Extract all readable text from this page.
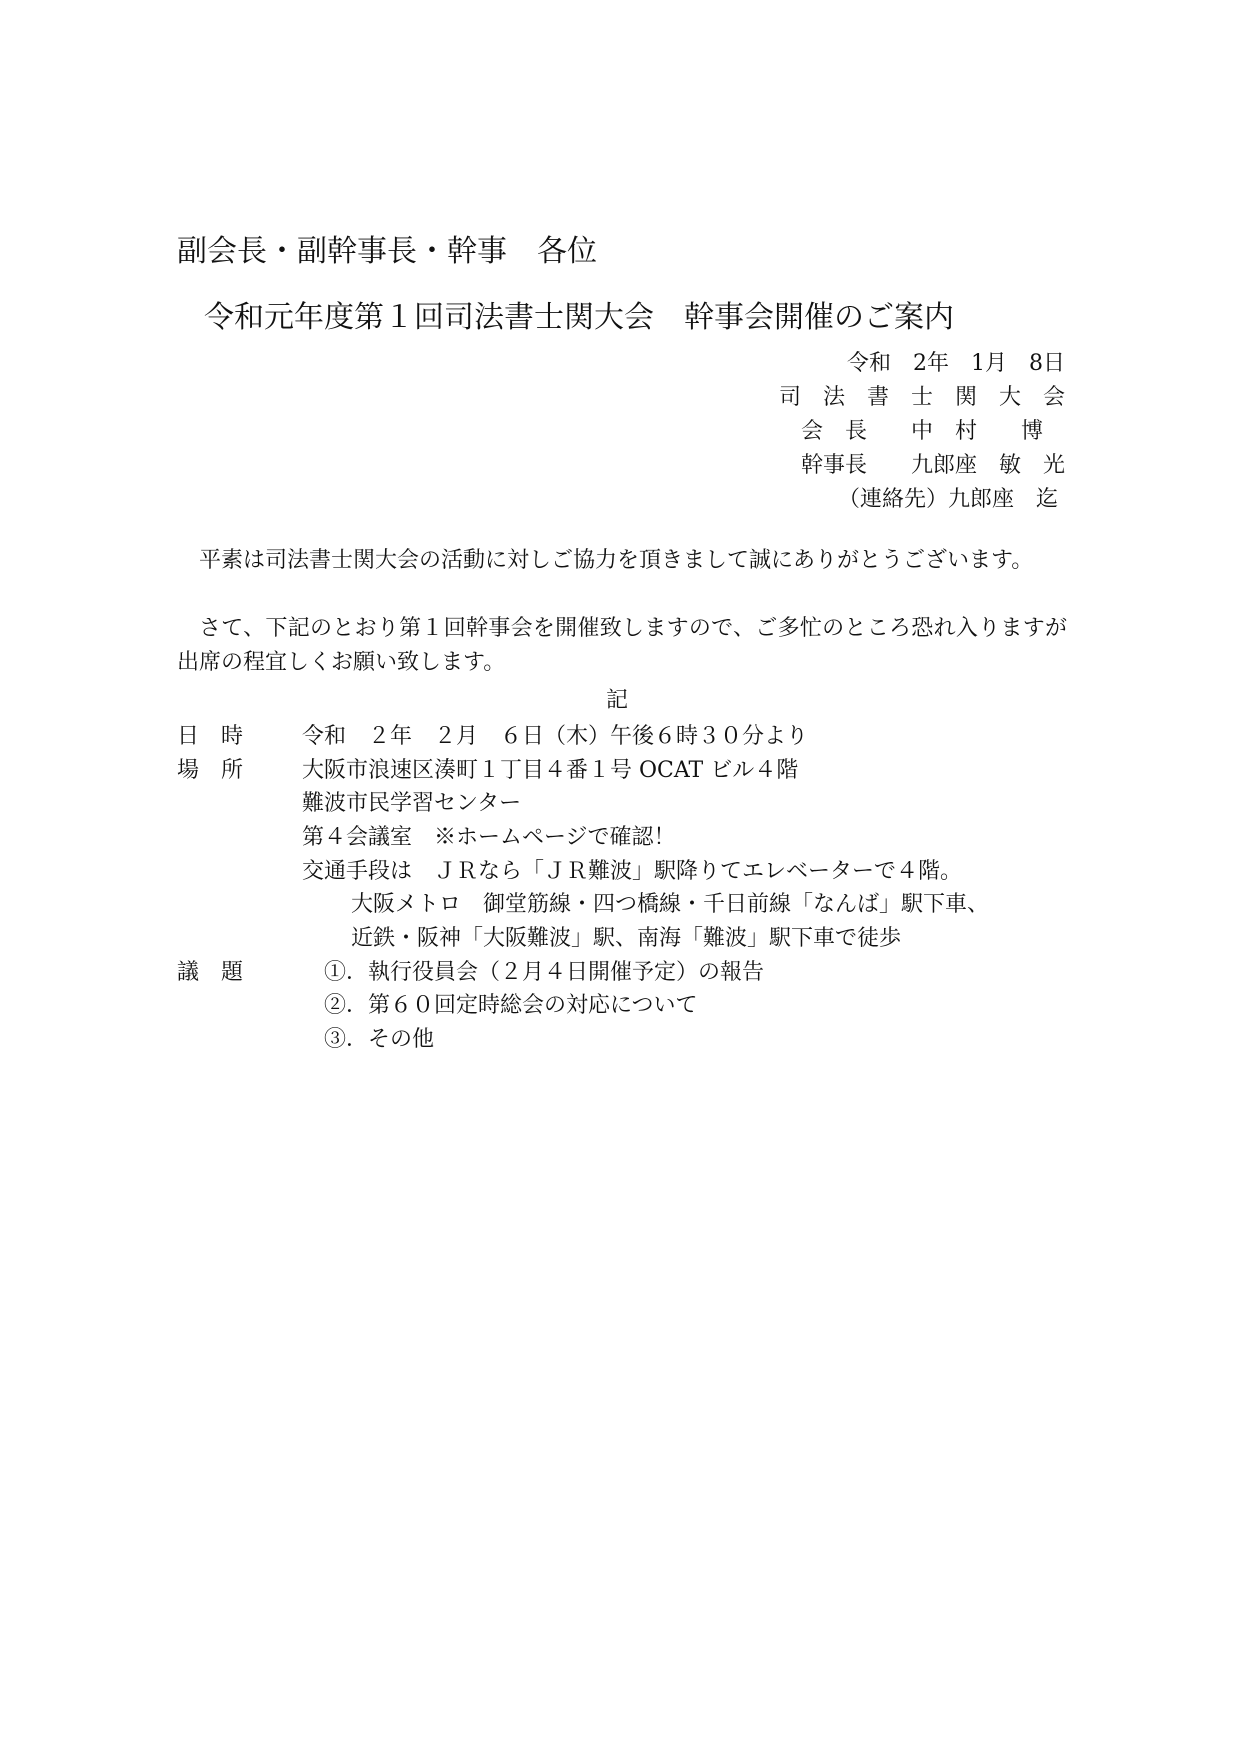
副会長・副幹事長・幹事　各位
令和元年度第１回司法書士関大会　幹事会開催のご案内
令和　2年　1月　8日
司　法　書　士　関　大　会
会　長　　中　村　　博　
幹事長　　九郎座　敏　光
（連絡先）九郎座　迄
平素は司法書士関大会の活動に対しご協力を頂きまして誠にありがとうございます。
さて、下記のとおり第１回幹事会を開催致しますので、ご多忙のところ恐れ入りますが出席の程宜しくお願い致します。
記
日　時	令和　２年　２月　６日（木）午後６時３０分より
場　所	大阪市浪速区湊町１丁目４番１号 OCAT ビル４階
難波市民学習センター
第４会議室　※ホームページで確認！
交通手段は　ＪＲなら「ＪＲ難波」駅降りてエレベーターで４階。
大阪メトロ　御堂筋線・四つ橋線・千日前線「なんば」駅下車、
近鉄・阪神「大阪難波」駅、南海「難波」駅下車で徒歩
議　題	①．執行役員会（２月４日開催予定）の報告
②．第６０回定時総会の対応について
③．その他
